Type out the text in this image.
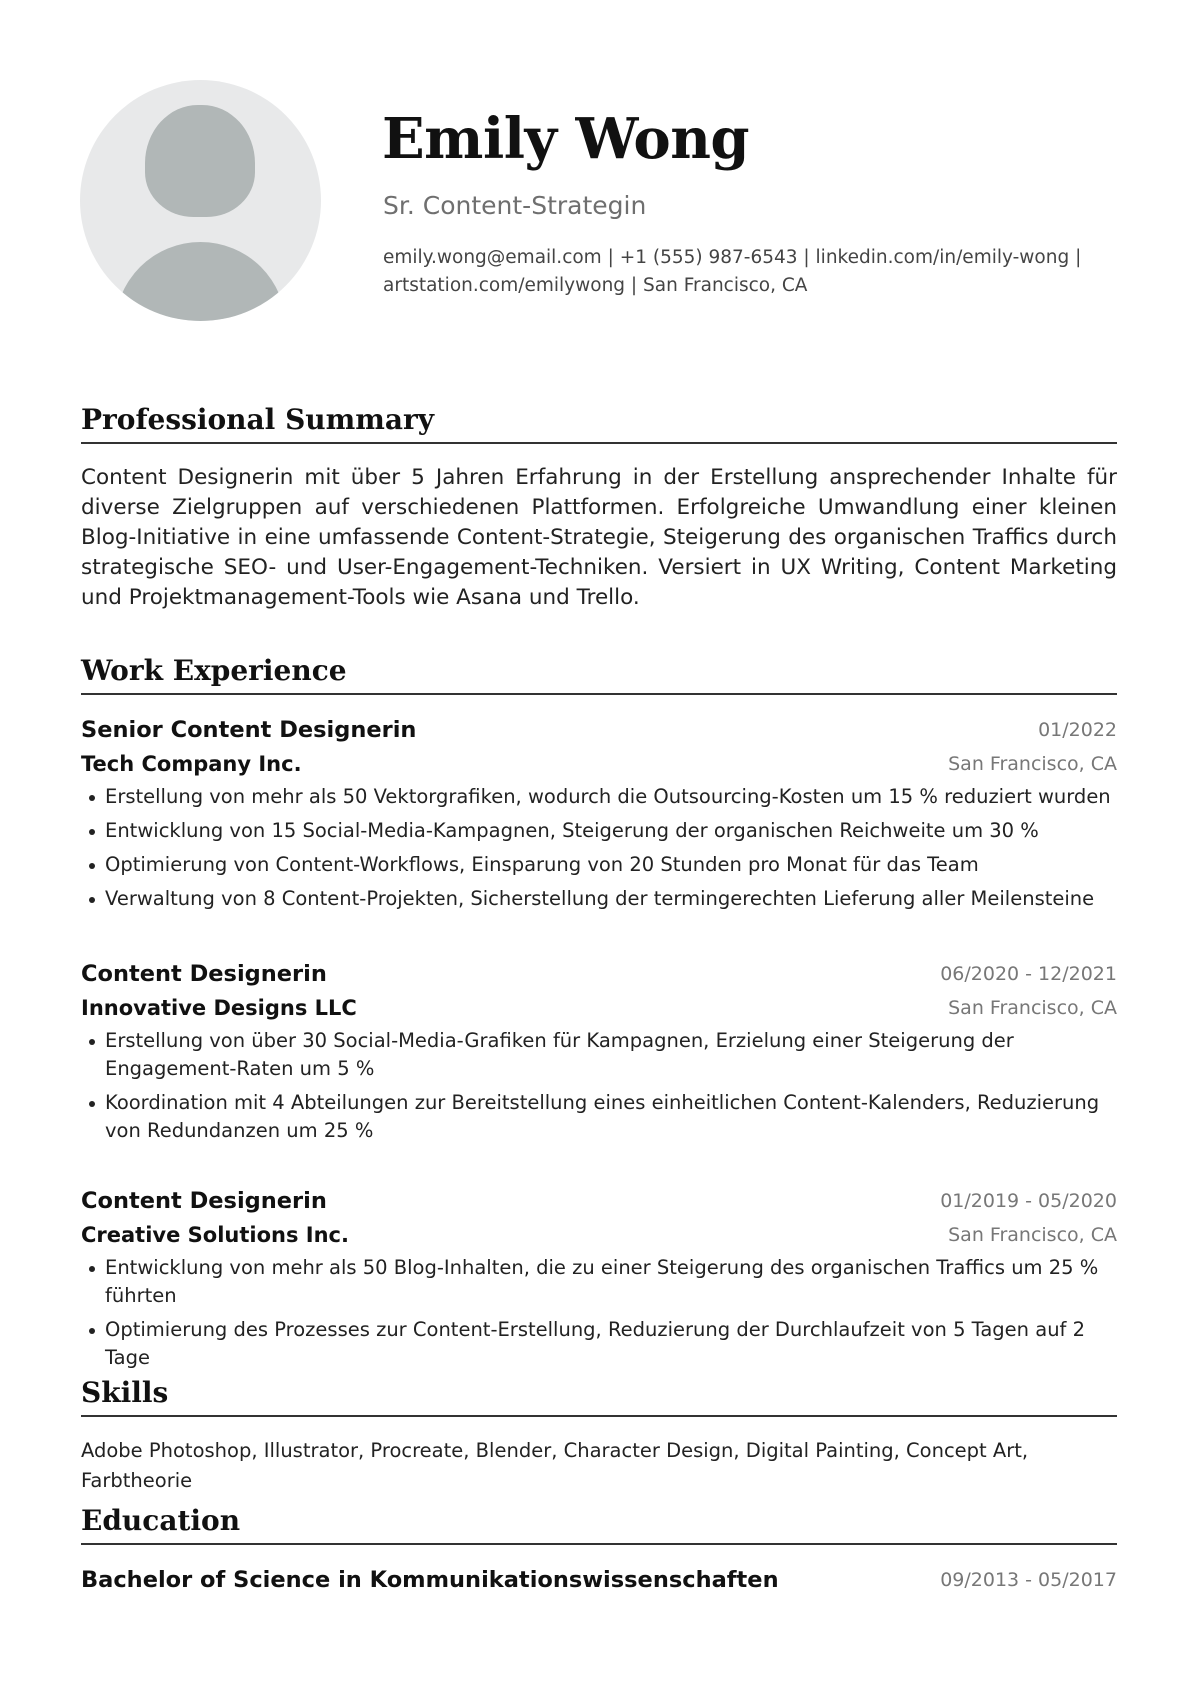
Emily Wong
Sr. Content-Strategin
emily.wong@email.com | +1 (555) 987-6543 | linkedin.com/in/emily-wong |
artstation.com/emilywong | San Francisco, CA
Professional Summary

Content Designerin mit über 5 Jahren Erfahrung in der Erstellung ansprechender Inhalte für diverse Zielgruppen auf verschiedenen Plattformen. Erfolgreiche Umwandlung einer kleinen Blog-Initiative in eine umfassende Content-Strategie, Steigerung des organischen Traffics durch strategische SEO- und User-Engagement-Techniken. Versiert in UX Writing, Content Marketing und Projektmanagement-Tools wie Asana und Trello.

Work Experience
Senior Content Designerin	01/2022
Tech Company Inc.	San Francisco, CA
Erstellung von mehr als 50 Vektorgrafiken, wodurch die Outsourcing-Kosten um 15 % reduziert wurden
Entwicklung von 15 Social-Media-Kampagnen, Steigerung der organischen Reichweite um 30 %
Optimierung von Content-Workflows, Einsparung von 20 Stunden pro Monat für das Team
Verwaltung von 8 Content-Projekten, Sicherstellung der termingerechten Lieferung aller Meilensteine
Content Designerin	06/2020 - 12/2021
Innovative Designs LLC	San Francisco, CA
Erstellung von über 30 Social-Media-Grafiken für Kampagnen, Erzielung einer Steigerung der Engagement-Raten um 5 %
Koordination mit 4 Abteilungen zur Bereitstellung eines einheitlichen Content-Kalenders, Reduzierung von Redundanzen um 25 %
Content Designerin	01/2019 - 05/2020
Creative Solutions Inc.	San Francisco, CA
Entwicklung von mehr als 50 Blog-Inhalten, die zu einer Steigerung des organischen Traffics um 25 % führten
Optimierung des Prozesses zur Content-Erstellung, Reduzierung der Durchlaufzeit von 5 Tagen auf 2 Tage
Skills

Adobe Photoshop, Illustrator, Procreate, Blender, Character Design, Digital Painting, Concept Art, Farbtheorie

Education
Bachelor of Science in Kommunikationswissenschaften	09/2013 - 05/2017
